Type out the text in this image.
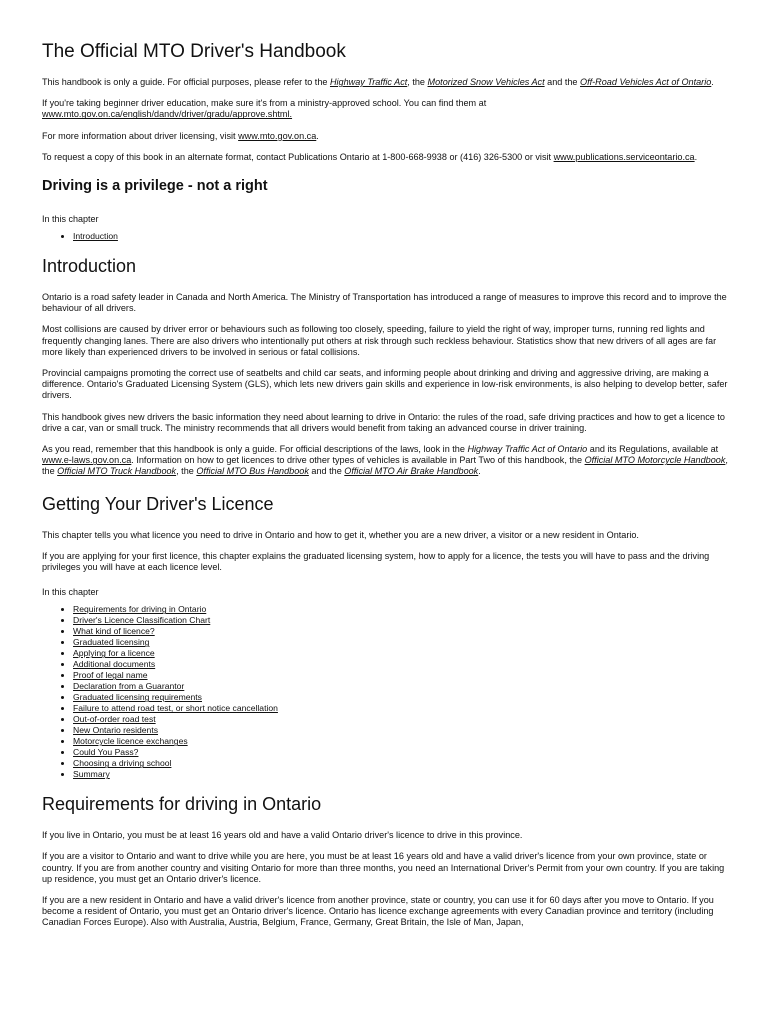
The Official MTO Driver's Handbook

This handbook is only a guide. For official purposes, please refer to the Highway Traffic Act, the Motorized Snow Vehicles Act and the Off-Road Vehicles Act of Ontario.

If you're taking beginner driver education, make sure it's from a ministry-approved school. You can find them at www.mto.gov.on.ca/english/dandv/driver/gradu/approve.shtml.

For more information about driver licensing, visit www.mto.gov.on.ca.

To request a copy of this book in an alternate format, contact Publications Ontario at 1-800-668-9938 or (416) 326-5300 or visit www.publications.serviceontario.ca.

Driving is a privilege - not a right
In this chapter
• Introduction
Introduction

Ontario is a road safety leader in Canada and North America. The Ministry of Transportation has introduced a range of measures to improve this record and to improve the behaviour of all drivers.

Most collisions are caused by driver error or behaviours such as following too closely, speeding, failure to yield the right of way, improper turns, running red lights and frequently changing lanes. There are also drivers who intentionally put others at risk through such reckless behaviour. Statistics show that new drivers of all ages are far more likely than experienced drivers to be involved in serious or fatal collisions.

Provincial campaigns promoting the correct use of seatbelts and child car seats, and informing people about drinking and driving and aggressive driving, are making a difference. Ontario's Graduated Licensing System (GLS), which lets new drivers gain skills and experience in low-risk environments, is also helping to develop better, safer drivers.

This handbook gives new drivers the basic information they need about learning to drive in Ontario: the rules of the road, safe driving practices and how to get a licence to drive a car, van or small truck. The ministry recommends that all drivers would benefit from taking an advanced course in driver training.

As you read, remember that this handbook is only a guide. For official descriptions of the laws, look in the Highway Traffic Act of Ontario and its Regulations, available at www.e-laws.gov.on.ca. Information on how to get licences to drive other types of vehicles is available in Part Two of this handbook, the Official MTO Motorcycle Handbook, the Official MTO Truck Handbook, the Official MTO Bus Handbook and the Official MTO Air Brake Handbook.

Getting Your Driver's Licence

This chapter tells you what licence you need to drive in Ontario and how to get it, whether you are a new driver, a visitor or a new resident in Ontario.

If you are applying for your first licence, this chapter explains the graduated licensing system, how to apply for a licence, the tests you will have to pass and the driving privileges you will have at each licence level.

In this chapter
• Requirements for driving in Ontario
• Driver's Licence Classification Chart
• What kind of licence?
• Graduated licensing
• Applying for a licence
• Additional documents
• Proof of legal name
• Declaration from a Guarantor
• Graduated licensing requirements
• Failure to attend road test, or short notice cancellation
• Out-of-order road test
• New Ontario residents
• Motorcycle licence exchanges
• Could You Pass?
• Choosing a driving school
• Summary
Requirements for driving in Ontario

If you live in Ontario, you must be at least 16 years old and have a valid Ontario driver's licence to drive in this province.

If you are a visitor to Ontario and want to drive while you are here, you must be at least 16 years old and have a valid driver's licence from your own province, state or country. If you are from another country and visiting Ontario for more than three months, you need an International Driver's Permit from your own country. If you are taking up residence, you must get an Ontario driver's licence.

If you are a new resident in Ontario and have a valid driver's licence from another province, state or country, you can use it for 60 days after you move to Ontario. If you become a resident of Ontario, you must get an Ontario driver's licence. Ontario has licence exchange agreements with every Canadian province and territory (including Canadian Forces Europe). Also with Australia, Austria, Belgium, France, Germany, Great Britain, the Isle of Man, Japan,
